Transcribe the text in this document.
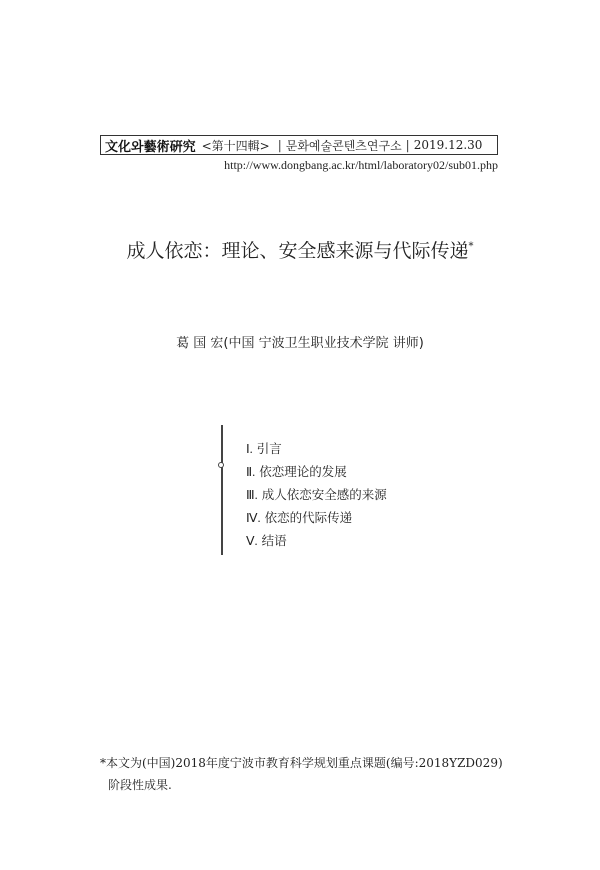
文化와藝術硏究 <第十四輯> | 문화예술콘텐츠연구소 | 2019.12.30
http://www.dongbang.ac.kr/html/laboratory02/sub01.php
成人依恋：理论、安全感来源与代际传递*
葛 国 宏(中国 宁波卫生职业技术学院 讲师)
Ⅰ. 引言
Ⅱ. 依恋理论的发展
Ⅲ. 成人依恋安全感的来源
Ⅳ. 依恋的代际传递
Ⅴ. 结语
*本文为(中国)2018年度宁波市教育科学规划重点课题(编号:2018YZD029)
阶段性成果.
